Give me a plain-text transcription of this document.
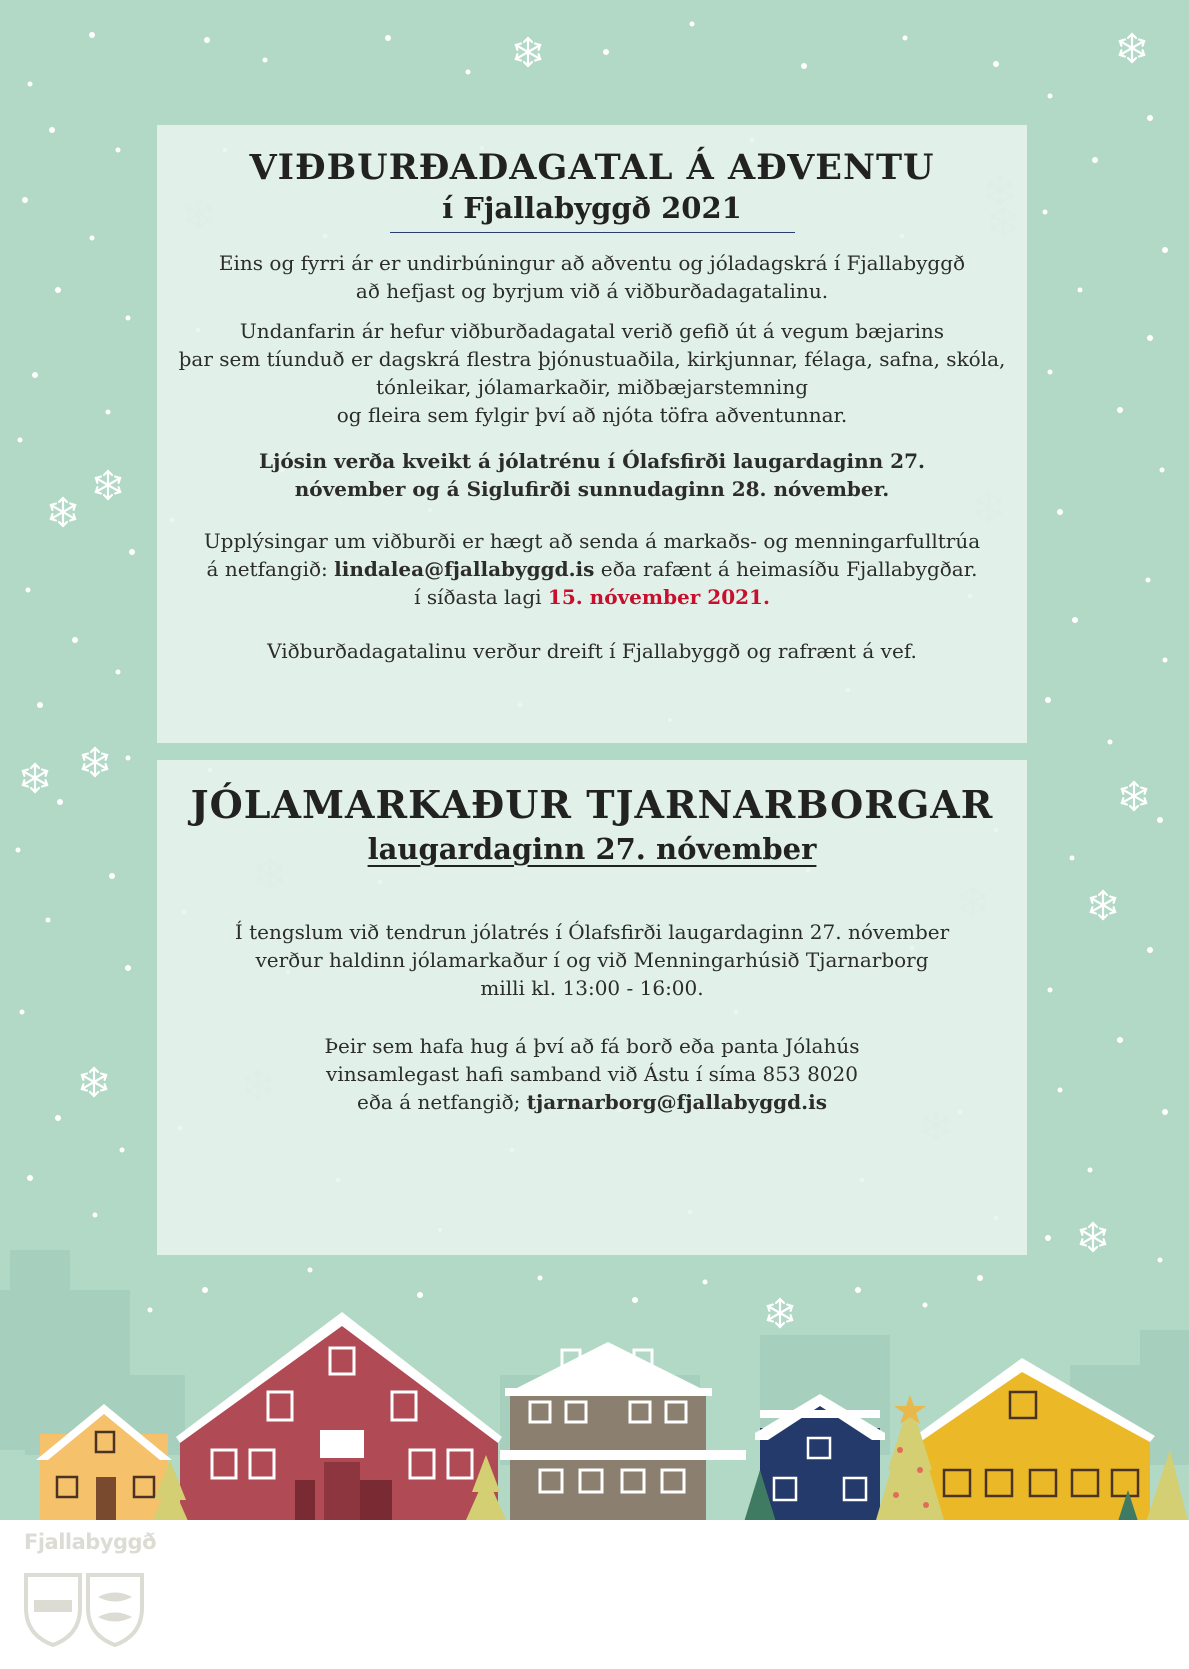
Fjallabyggð
VIÐBURÐADAGATAL Á AÐVENTU
í Fjallabyggð 2021

Eins og fyrri ár er undirbúningur að aðventu og jóladagskrá í Fjallabyggð

að hefjast og byrjum við á viðburðadagatalinu.

Undanfarin ár hefur viðburðadagatal verið gefið út á vegum bæjarins

þar sem tíunduð er dagskrá flestra þjónustuaðila, kirkjunnar, félaga, safna, skóla,

tónleikar, jólamarkaðir, miðbæjarstemning

og fleira sem fylgir því að njóta töfra aðventunnar.

Ljósin verða kveikt á jólatrénu í Ólafsfirði laugardaginn 27.

nóvember og á Siglufirði sunnudaginn 28. nóvember.

Upplýsingar um viðburði er hægt að senda á markaðs- og menningarfulltrúa

á netfangið: lindalea@fjallabyggd.is eða rafænt á heimasíðu Fjallabygðar.

í síðasta lagi 15. nóvember 2021.

Viðburðadagatalinu verður dreift í Fjallabyggð og rafrænt á vef.

JÓLAMARKAÐUR TJARNARBORGAR
laugardaginn 27. nóvember

Í tengslum við tendrun jólatrés í Ólafsfirði laugardaginn 27. nóvember

verður haldinn jólamarkaður í og við Menningarhúsið Tjarnarborg

milli kl. 13:00 - 16:00.

Þeir sem hafa hug á því að fá borð eða panta Jólahús

vinsamlegast hafi samband við Ástu í síma 853 8020

eða á netfangið; tjarnarborg@fjallabyggd.is
